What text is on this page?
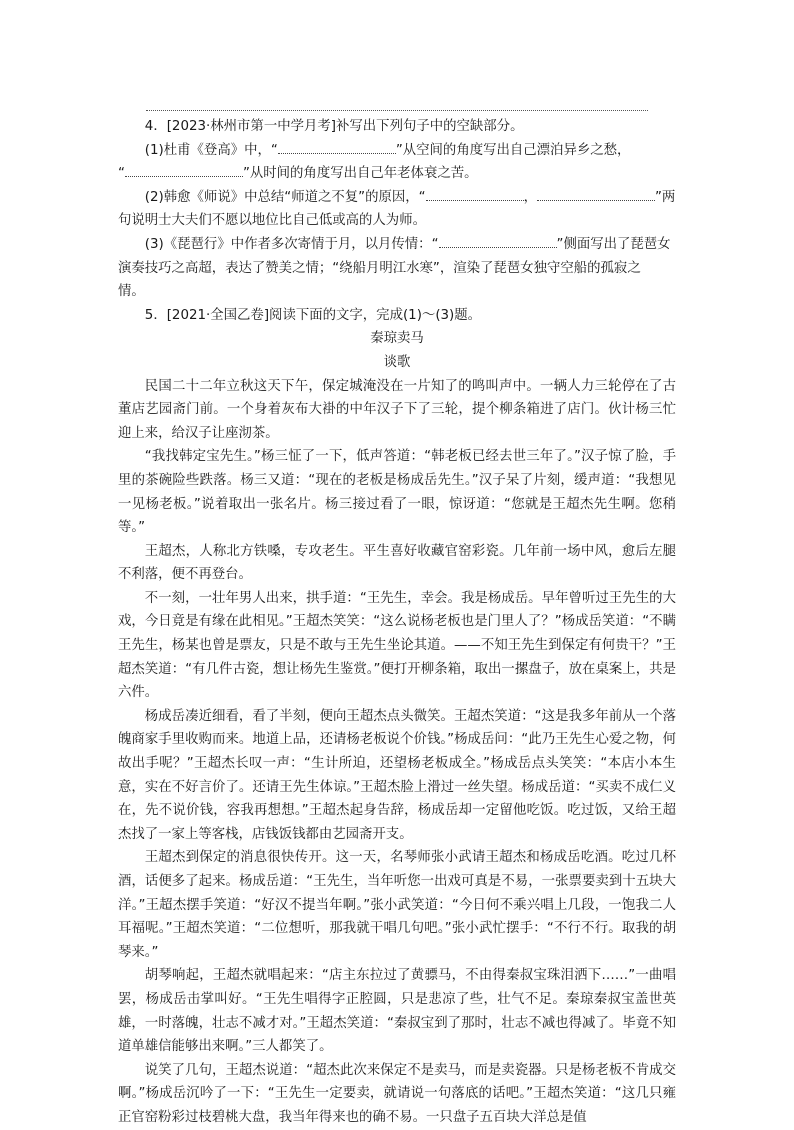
4．[2023·林州市第一中学月考]补写出下列句子中的空缺部分。

(1)杜甫《登高》中，“	”从空间的角度写出自己漂泊异乡之愁，

“	”从时间的角度写出自己年老体衰之苦。

(2)韩愈《师说》中总结“师道之不复”的原因，“	，	”两

句说明士大夫们不愿以地位比自己低或高的人为师。

(3)《琵琶行》中作者多次寄情于月，以月传情：“	”侧面写出了琵琶女

演奏技巧之高超，表达了赞美之情；“绕船月明江水寒”，渲染了琵琶女独守空船的孤寂之

情。

5．[2021·全国乙卷]阅读下面的文字，完成(1)～(3)题。

秦琼卖马

谈歌

民国二十二年立秋这天下午，保定城淹没在一片知了的鸣叫声中。一辆人力三轮停在了古董店艺园斋门前。一个身着灰布大褂的中年汉子下了三轮，提个柳条箱进了店门。伙计杨三忙迎上来，给汉子让座沏茶。

“我找韩定宝先生。”杨三怔了一下，低声答道：“韩老板已经去世三年了。”汉子惊了脸，手里的茶碗险些跌落。杨三又道：“现在的老板是杨成岳先生。”汉子呆了片刻，缓声道：“我想见一见杨老板。”说着取出一张名片。杨三接过看了一眼，惊讶道：“您就是王超杰先生啊。您稍等。”

王超杰，人称北方铁嗓，专攻老生。平生喜好收藏官窑彩瓷。几年前一场中风，愈后左腿不利落，便不再登台。

不一刻，一壮年男人出来，拱手道：“王先生，幸会。我是杨成岳。早年曾听过王先生的大戏，今日竟是有缘在此相见。”王超杰笑笑：“这么说杨老板也是门里人了？”杨成岳笑道：“不瞒王先生，杨某也曾是票友，只是不敢与王先生坐论其道。——不知王先生到保定有何贵干？”王超杰笑道：“有几件古瓷，想让杨先生鉴赏。”便打开柳条箱，取出一摞盘子，放在桌案上，共是六件。

杨成岳凑近细看，看了半刻，便向王超杰点头微笑。王超杰笑道：“这是我多年前从一个落魄商家手里收购而来。地道上品，还请杨老板说个价钱。”杨成岳问：“此乃王先生心爱之物，何故出手呢？”王超杰长叹一声：“生计所迫，还望杨老板成全。”杨成岳点头笑笑：“本店小本生意，实在不好言价了。还请王先生体谅。”王超杰脸上滑过一丝失望。杨成岳道：“买卖不成仁义在，先不说价钱，容我再想想。”王超杰起身告辞，杨成岳却一定留他吃饭。吃过饭，又给王超杰找了一家上等客栈，店钱饭钱都由艺园斋开支。

王超杰到保定的消息很快传开。这一天，名琴师张小武请王超杰和杨成岳吃酒。吃过几杯酒，话便多了起来。杨成岳道：“王先生，当年听您一出戏可真是不易，一张票要卖到十五块大洋。”王超杰摆手笑道：“好汉不提当年啊。”张小武笑道：“今日何不乘兴唱上几段，一饱我二人耳福呢。”王超杰笑道：“二位想听，那我就干唱几句吧。”张小武忙摆手：“不行不行。取我的胡琴来。”

胡琴响起，王超杰就唱起来：“店主东拉过了黄骠马，不由得秦叔宝珠泪洒下……”一曲唱罢，杨成岳击掌叫好。“王先生唱得字正腔圆，只是悲凉了些，壮气不足。秦琼秦叔宝盖世英雄，一时落魄，壮志不减才对。”王超杰笑道：“秦叔宝到了那时，壮志不减也得减了。毕竟不知道单雄信能够出来啊。”三人都笑了。

说笑了几句，王超杰说道：“超杰此次来保定不是卖马，而是卖瓷器。只是杨老板不肯成交啊。”杨成岳沉吟了一下：“王先生一定要卖，就请说一句落底的话吧。”王超杰笑道：“这几只雍正官窑粉彩过枝碧桃大盘，我当年得来也的确不易。一只盘子五百块大洋总是值
